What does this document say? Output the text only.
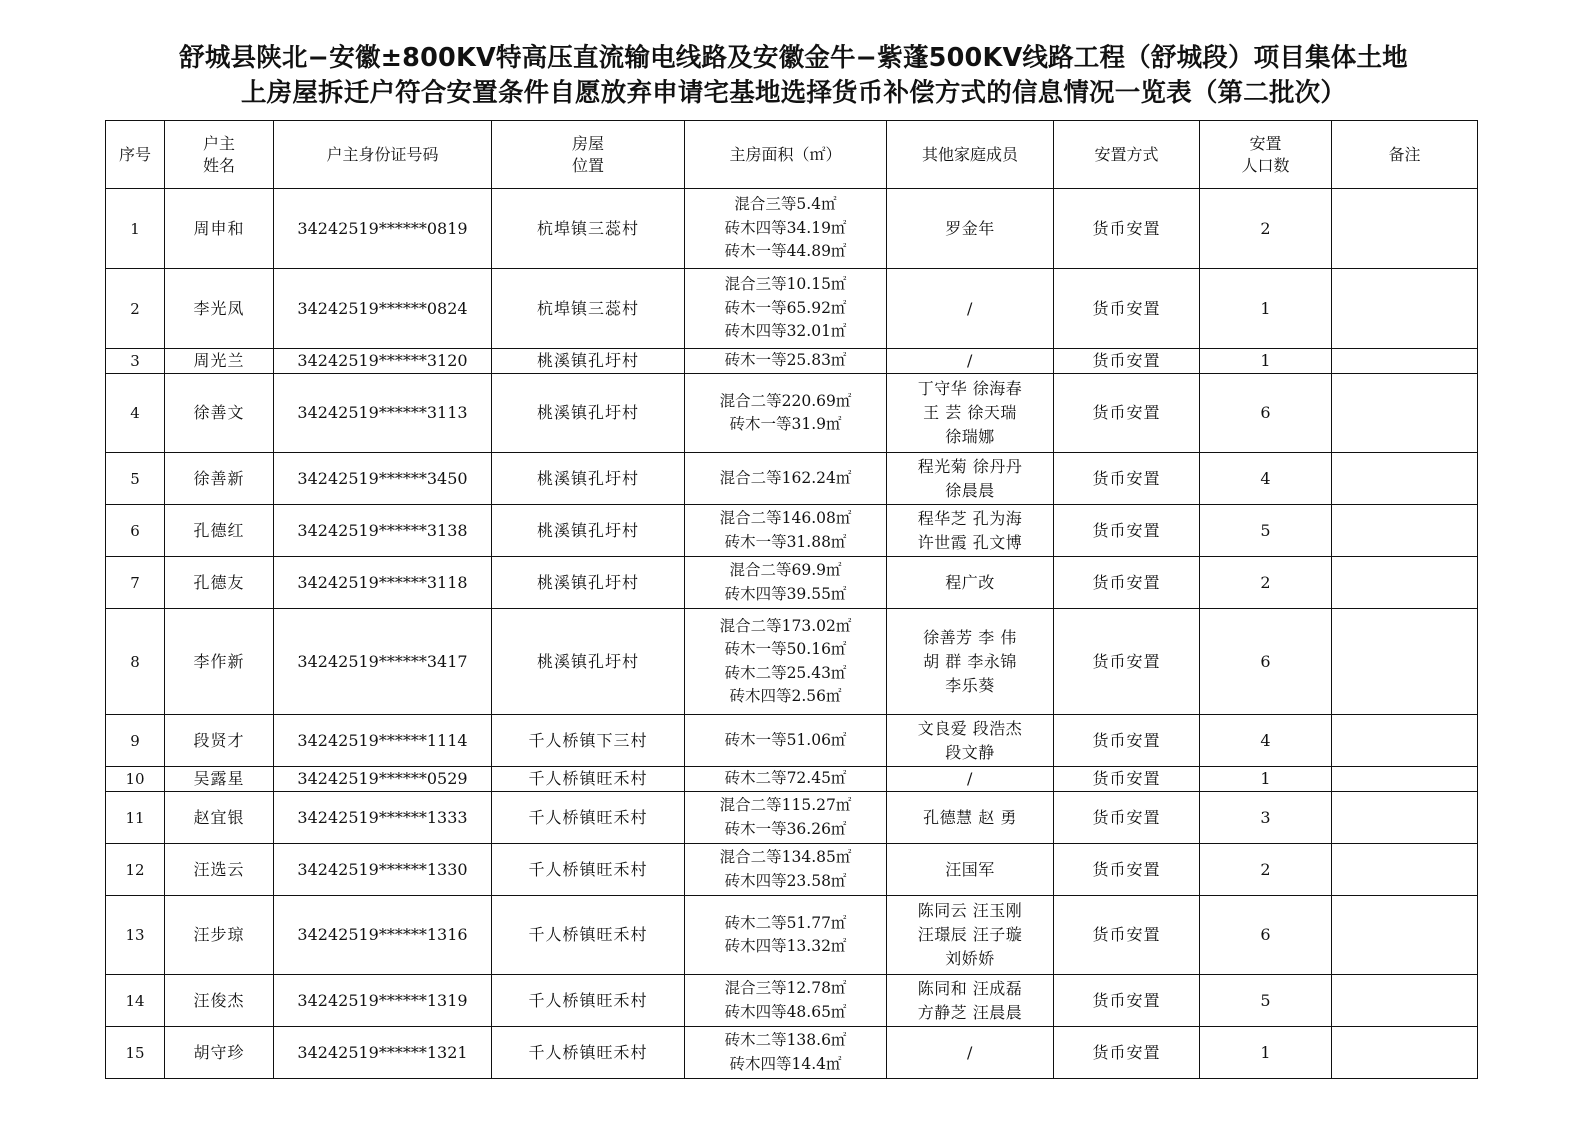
舒城县陕北−安徽±800KV特高压直流输电线路及安徽金牛−紫蓬500KV线路工程（舒城段）项目集体土地
上房屋拆迁户符合安置条件自愿放弃申请宅基地选择货币补偿方式的信息情况一览表（第二批次）
序号	户主
姓名	户主身份证号码	房屋
位置	主房面积（㎡）	其他家庭成员	安置方式	安置
人口数	备注
1	周申和	34242519******0819	杭埠镇三蕊村	混合三等5.4㎡
砖木四等34.19㎡
砖木一等44.89㎡	罗金年	货币安置	2	
2	李光凤	34242519******0824	杭埠镇三蕊村	混合三等10.15㎡
砖木一等65.92㎡
砖木四等32.01㎡	/	货币安置	1	
3	周光兰	34242519******3120	桃溪镇孔圩村	砖木一等25.83㎡	/	货币安置	1	
4	徐善文	34242519******3113	桃溪镇孔圩村	混合二等220.69㎡
砖木一等31.9㎡	丁守华 徐海春
王 芸 徐天瑞
徐瑞娜	货币安置	6	
5	徐善新	34242519******3450	桃溪镇孔圩村	混合二等162.24㎡	程光菊 徐丹丹
徐晨晨	货币安置	4	
6	孔德红	34242519******3138	桃溪镇孔圩村	混合二等146.08㎡
砖木一等31.88㎡	程华芝 孔为海
许世霞 孔文博	货币安置	5	
7	孔德友	34242519******3118	桃溪镇孔圩村	混合二等69.9㎡
砖木四等39.55㎡	程广改	货币安置	2	
8	李作新	34242519******3417	桃溪镇孔圩村	混合二等173.02㎡
砖木一等50.16㎡
砖木二等25.43㎡
砖木四等2.56㎡	徐善芳 李 伟
胡 群 李永锦
李乐葵	货币安置	6	
9	段贤才	34242519******1114	千人桥镇下三村	砖木一等51.06㎡	文良爱 段浩杰
段文静	货币安置	4	
10	吴露星	34242519******0529	千人桥镇旺禾村	砖木二等72.45㎡	/	货币安置	1	
11	赵宜银	34242519******1333	千人桥镇旺禾村	混合二等115.27㎡
砖木一等36.26㎡	孔德慧 赵 勇	货币安置	3	
12	汪选云	34242519******1330	千人桥镇旺禾村	混合二等134.85㎡
砖木四等23.58㎡	汪国军	货币安置	2	
13	汪步琼	34242519******1316	千人桥镇旺禾村	砖木二等51.77㎡
砖木四等13.32㎡	陈同云 汪玉刚
汪璟辰 汪子璇
刘娇娇	货币安置	6	
14	汪俊杰	34242519******1319	千人桥镇旺禾村	混合三等12.78㎡
砖木四等48.65㎡	陈同和 汪成磊
方静芝 汪晨晨	货币安置	5	
15	胡守珍	34242519******1321	千人桥镇旺禾村	砖木二等138.6㎡
砖木四等14.4㎡	/	货币安置	1	
